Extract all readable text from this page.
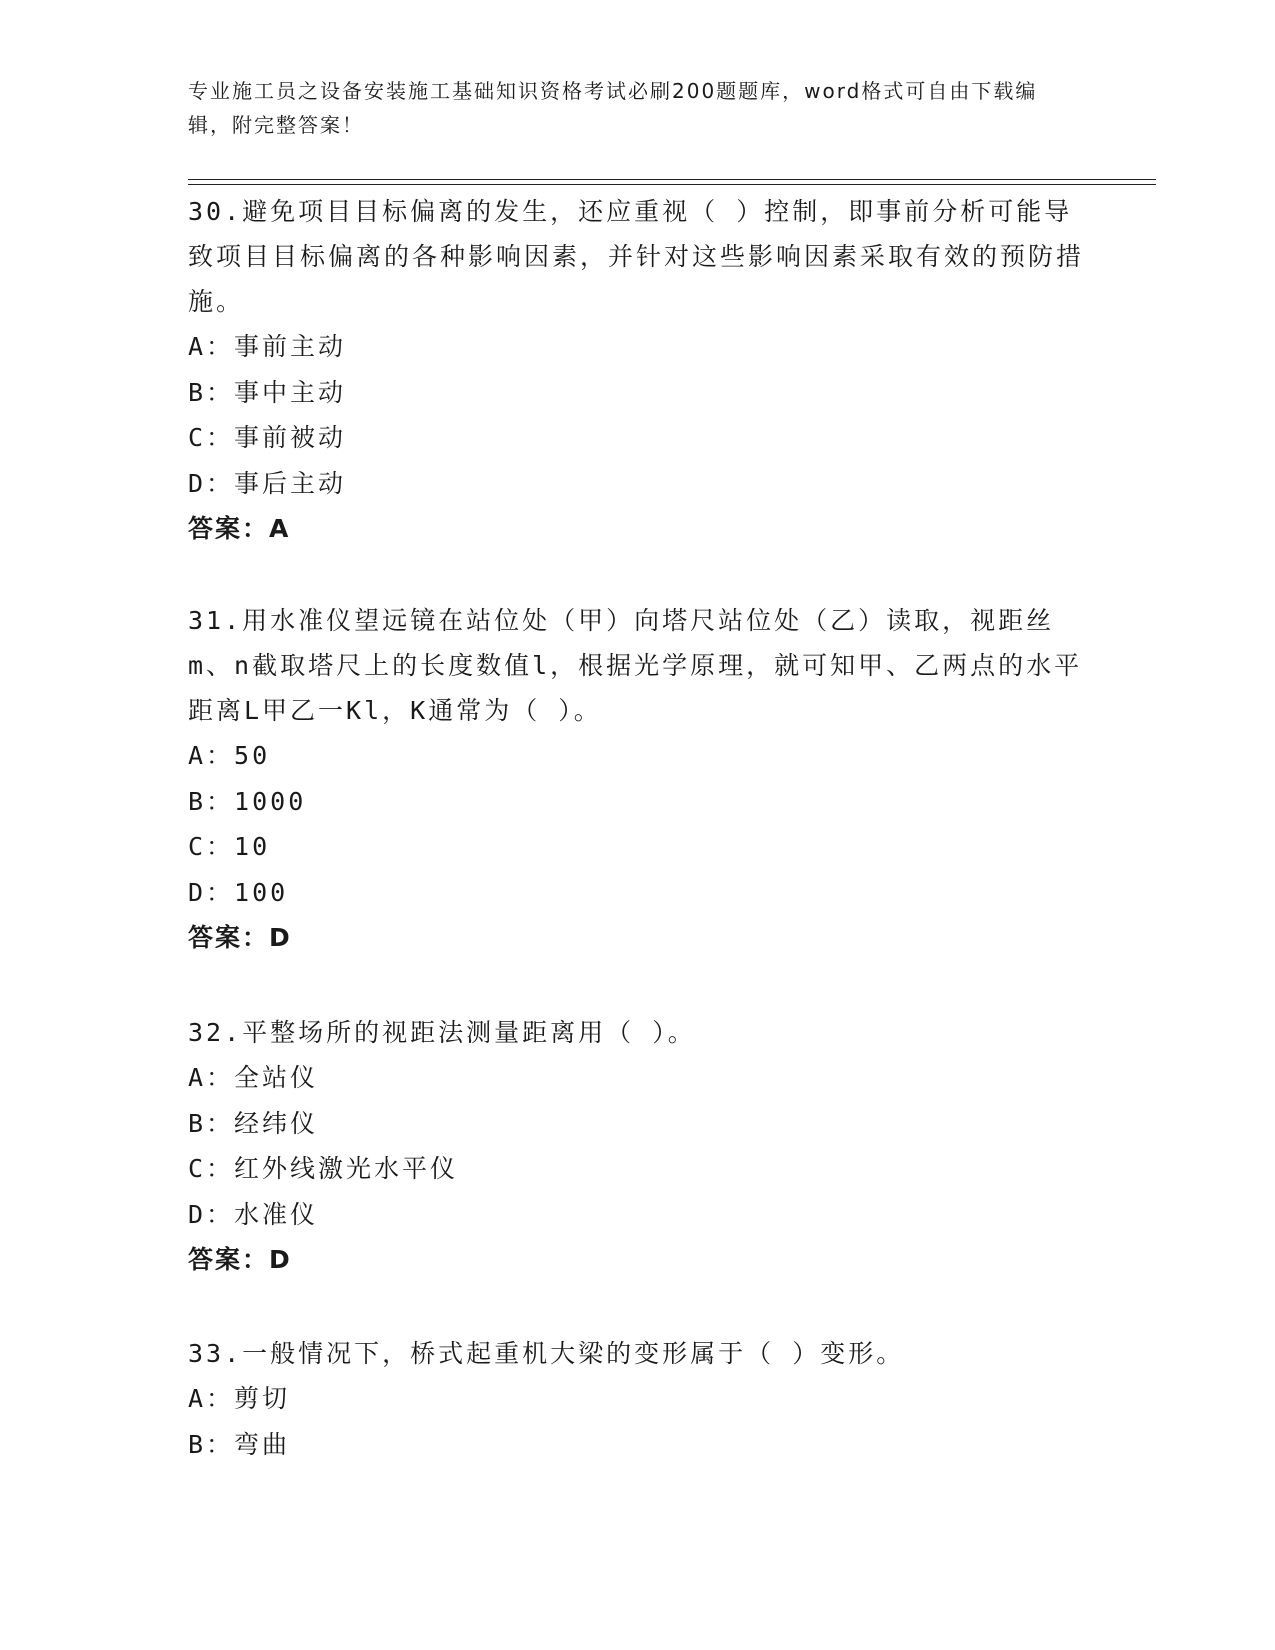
专业施工员之设备安装施工基础知识资格考试必刷200题题库，word格式可自由下载编辑，附完整答案！

30.避免项目目标偏离的发生，还应重视（ ）控制，即事前分析可能导致项目目标偏离的各种影响因素，并针对这些影响因素采取有效的预防措施。

A：事前主动

B：事中主动

C：事前被动

D：事后主动

答案：A

31.用水准仪望远镜在站位处（甲）向塔尺站位处（乙）读取，视距丝m、n截取塔尺上的长度数值l，根据光学原理，就可知甲、乙两点的水平距离L甲乙一Kl，K通常为（ ）。

A：50

B：1000

C：10

D：100

答案：D

32.平整场所的视距法测量距离用（ ）。

A：全站仪

B：经纬仪

C：红外线激光水平仪

D：水准仪

答案：D

33.一般情况下，桥式起重机大梁的变形属于（ ）变形。

A：剪切

B：弯曲
